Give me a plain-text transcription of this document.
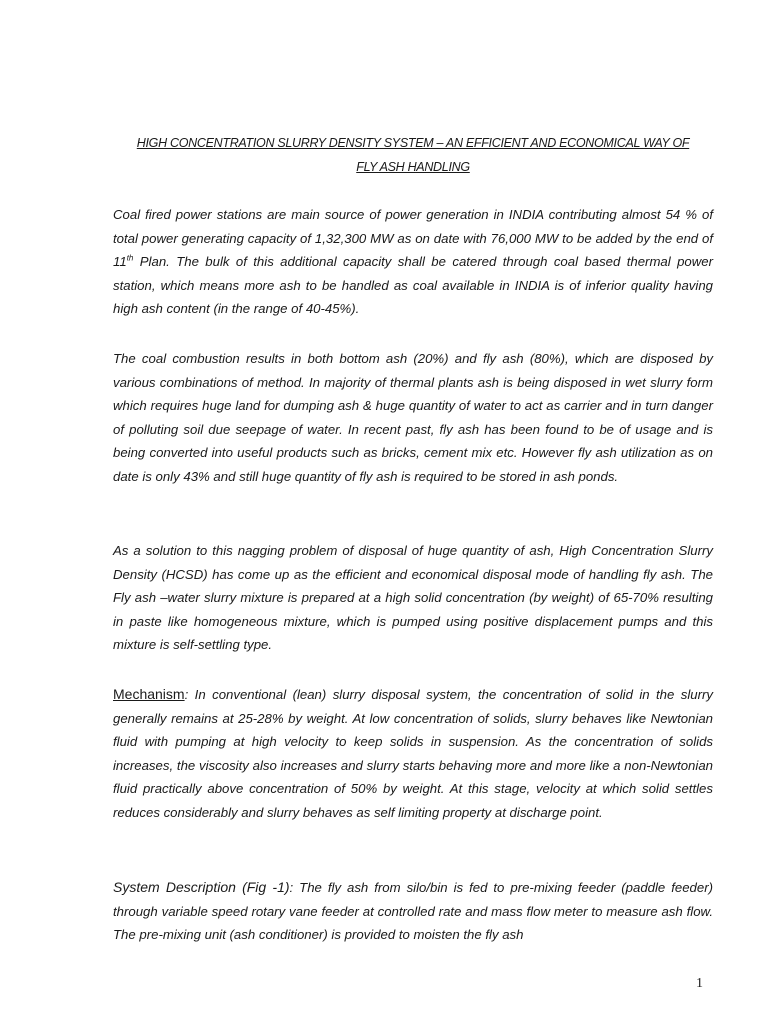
HIGH CONCENTRATION SLURRY DENSITY SYSTEM – AN EFFICIENT AND ECONOMICAL WAY OF
FLY ASH HANDLING

Coal fired power stations are main source of power generation in INDIA contributing almost 54 % of total power generating capacity of 1,32,300 MW as on date with 76,000 MW to be added by the end of 11th Plan. The bulk of this additional capacity shall be catered through coal based thermal power station, which means more ash to be handled as coal available in INDIA is of inferior quality having high ash content (in the range of 40-45%).

The coal combustion results in both bottom ash (20%) and fly ash (80%), which are disposed by various combinations of method. In majority of thermal plants ash is being disposed in wet slurry form which requires huge land for dumping ash & huge quantity of water to act as carrier and in turn danger of polluting soil due seepage of water. In recent past, fly ash has been found to be of usage and is being converted into useful products such as bricks, cement mix etc. However fly ash utilization as on date is only 43% and still huge quantity of fly ash is required to be stored in ash ponds.

As a solution to this nagging problem of disposal of huge quantity of ash, High Concentration Slurry Density (HCSD) has come up as the efficient and economical disposal mode of handling fly ash. The Fly ash –water slurry mixture is prepared at a high solid concentration (by weight) of 65-70% resulting in paste like homogeneous mixture, which is pumped using positive displacement pumps and this mixture is self-settling type.

Mechanism: In conventional (lean) slurry disposal system, the concentration of solid in the slurry generally remains at 25-28% by weight. At low concentration of solids, slurry behaves like Newtonian fluid with pumping at high velocity to keep solids in suspension. As the concentration of solids increases, the viscosity also increases and slurry starts behaving more and more like a non-Newtonian fluid practically above concentration of 50% by weight. At this stage, velocity at which solid settles reduces considerably and slurry behaves as self limiting property at discharge point.

System Description (Fig -1): The fly ash from silo/bin is fed to pre-mixing feeder (paddle feeder) through variable speed rotary vane feeder at controlled rate and mass flow meter to measure ash flow. The pre-mixing unit (ash conditioner) is provided to moisten the fly ash

1
